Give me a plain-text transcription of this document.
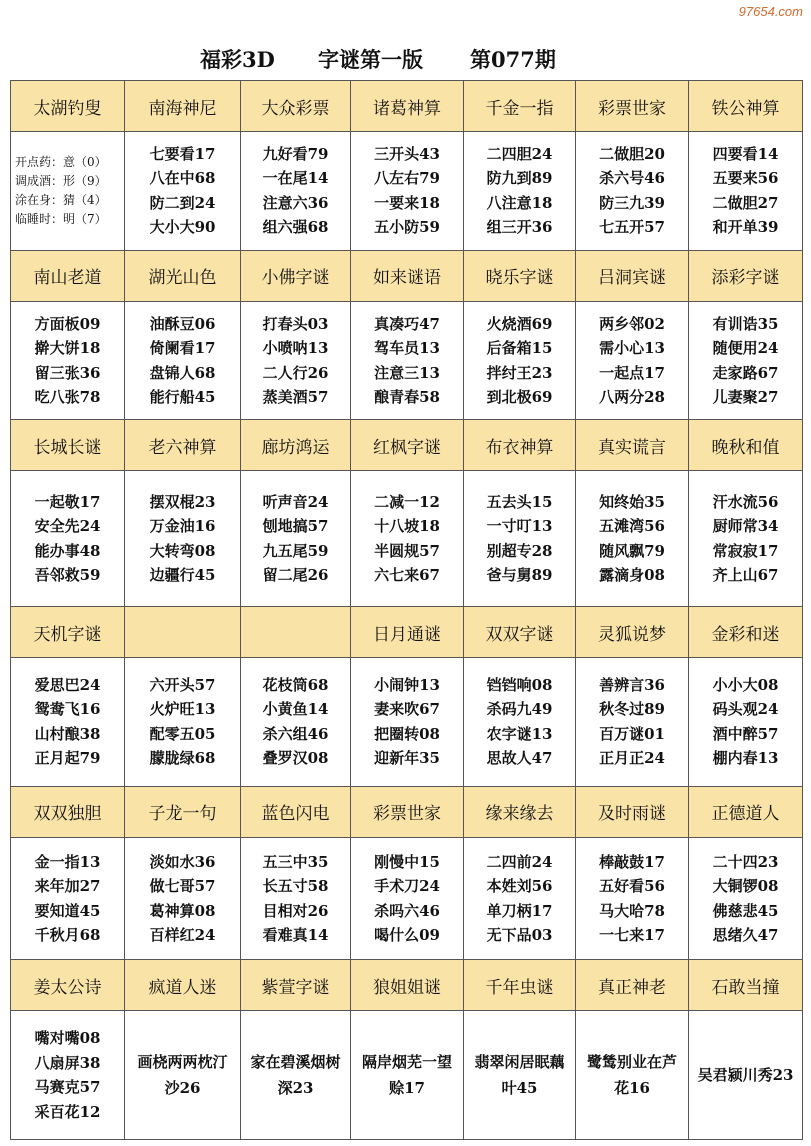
97654.com
福彩3D 字谜第一版 第077期
太湖钓叟	南海神尼	大众彩票	诸葛神算	千金一指	彩票世家	铁公神算

开点药：意（0）
调成酒：形（9）
涂在身：猜（4）
临睡时：明（7）	七要看17
八在中68
防二到24
大小大90	九好看79
一在尾14
注意六36
组六强68	三开头43
八左右79
一要来18
五小防59	二四胆24
防九到89
八注意18
组三开36	二做胆20
杀六号46
防三九39
七五开57	四要看14
五要来56
二做胆27
和开单39

南山老道	湖光山色	小佛字谜	如来谜语	晓乐字谜	吕洞宾谜	添彩字谜

方面板09
擀大饼18
留三张36
吃八张78	油酥豆06
倚阑看17
盘锦人68
能行船45	打春头03
小喷呐13
二人行26
蒸美酒57	真凑巧47
驾车员13
注意三13
酿青春58	火烧酒69
后备箱15
拌纣王23
到北极69	两乡邻02
需小心13
一起点17
八两分28	有训诰35
随便用24
走家路67
儿妻聚27

长城长谜	老六神算	廊坊鸿运	红枫字谜	布衣神算	真实谎言	晚秋和值

一起敬17
安全先24
能办事48
吾邻救59	摆双棍23
万金油16
大转弯08
边疆行45	听声音24
刨地搞57
九五尾59
留二尾26	二减一12
十八坡18
半圆规57
六七来67	五去头15
一寸叮13
别超专28
爸与舅89	知终始35
五滩湾56
随风飘79
露滴身08	汗水流56
厨师常34
常寂寂17
齐上山67

天机字谜			日月通谜	双双字谜	灵狐说梦	金彩和迷

爱思巴24
鸳鸯飞16
山村酿38
正月起79	六开头57
火炉旺13
配零五05
朦胧绿68	花枝筒68
小黄鱼14
杀六组46
叠罗汉08	小闹钟13
妻来吹67
把圈转08
迎新年35	铛铛响08
杀码九49
农字谜13
思故人47	善辨言36
秋冬过89
百万谜01
正月正24	小小大08
码头观24
酒中醉57
棚内春13

双双独胆	子龙一句	蓝色闪电	彩票世家	缘来缘去	及时雨谜	正德道人

金一指13
来年加27
要知道45
千秋月68	淡如水36
做七哥57
葛神算08
百样红24	五三中35
长五寸58
目相对26
看难真14	刚慢中15
手术刀24
杀吗六46
喝什么09	二四前24
本姓刘56
单刀柄17
无下品03	棒敲鼓17
五好看56
马大哈78
一七来17	二十四23
大铜锣08
佛慈悲45
思绪久47

姜太公诗	疯道人迷	紫萱字谜	狼姐姐谜	千年虫谜	真正神老	石敢当撞

嘴对嘴08
八扇屏38
马赛克57
采百花12	画桡两两枕汀沙26	家在碧溪烟树深23	隔岸烟芜一望赊17	翡翠闲居眠藕叶45	鹭鸶别业在芦花16	吴君颍川秀23
